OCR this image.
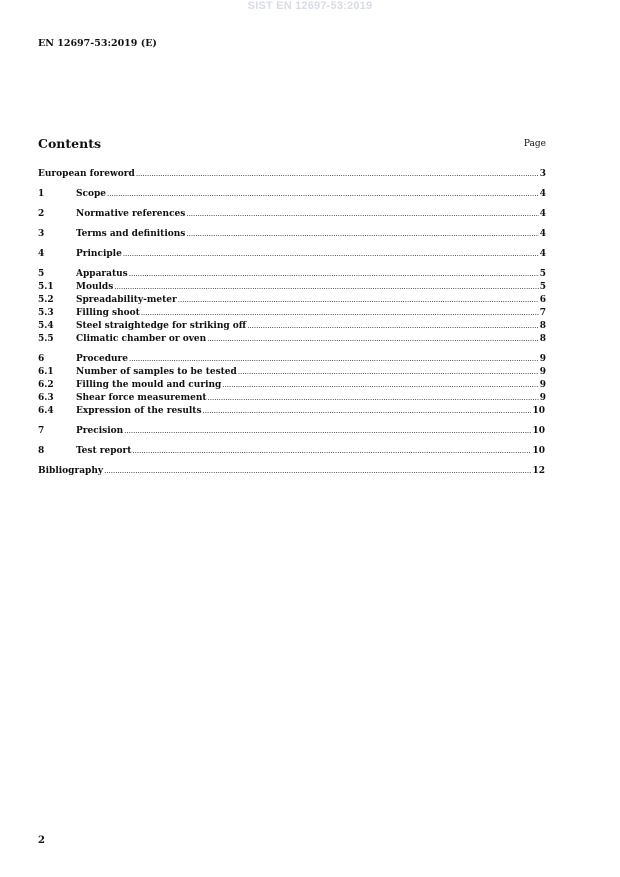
SIST EN 12697-53:2019
EN 12697-53:2019 (E)
Contents	Page
European foreword .....	3
1	Scope .....	4
2	Normative references .....	4
3	Terms and definitions .....	4
4	Principle .....	4
5	Apparatus .....	5
5.1	Moulds .....	5
5.2	Spreadability-meter .....	6
5.3	Filling shoot .....	7
5.4	Steel straightedge for striking off .....	8
5.5	Climatic chamber or oven .....	8
6	Procedure .....	9
6.1	Number of samples to be tested .....	9
6.2	Filling the mould and curing .....	9
6.3	Shear force measurement .....	9
6.4	Expression of the results .....	10
7	Precision .....	10
8	Test report .....	10
Bibliography .....	12
2
